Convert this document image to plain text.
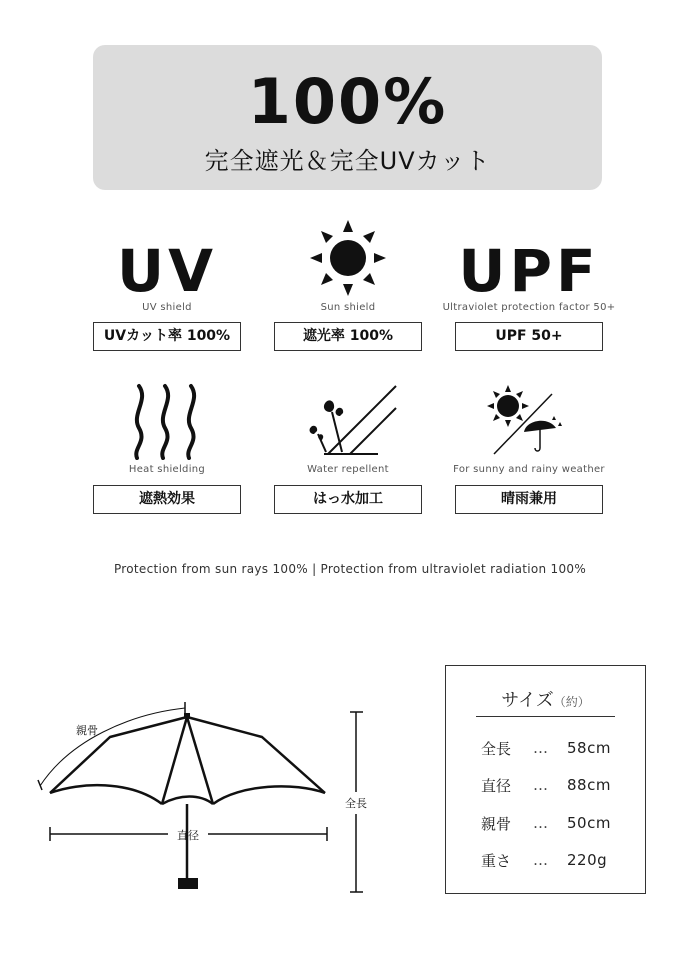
100%
完全遮光＆完全UVカット
UV
UV shield
UVカット率 100%
Sun shield
遮光率 100%
UPF
Ultraviolet protection factor 50+
UPF 50+
Heat shielding
遮熱効果
Water repellent
はっ水加工
For sunny and rainy weather
晴雨兼用
Protection from sun rays 100% | Protection from ultraviolet radiation 100%
親骨
直径
全長
サイズ（約）
全長	…	58cm
直径	…	88cm
親骨	…	50cm
重さ	…	220g
